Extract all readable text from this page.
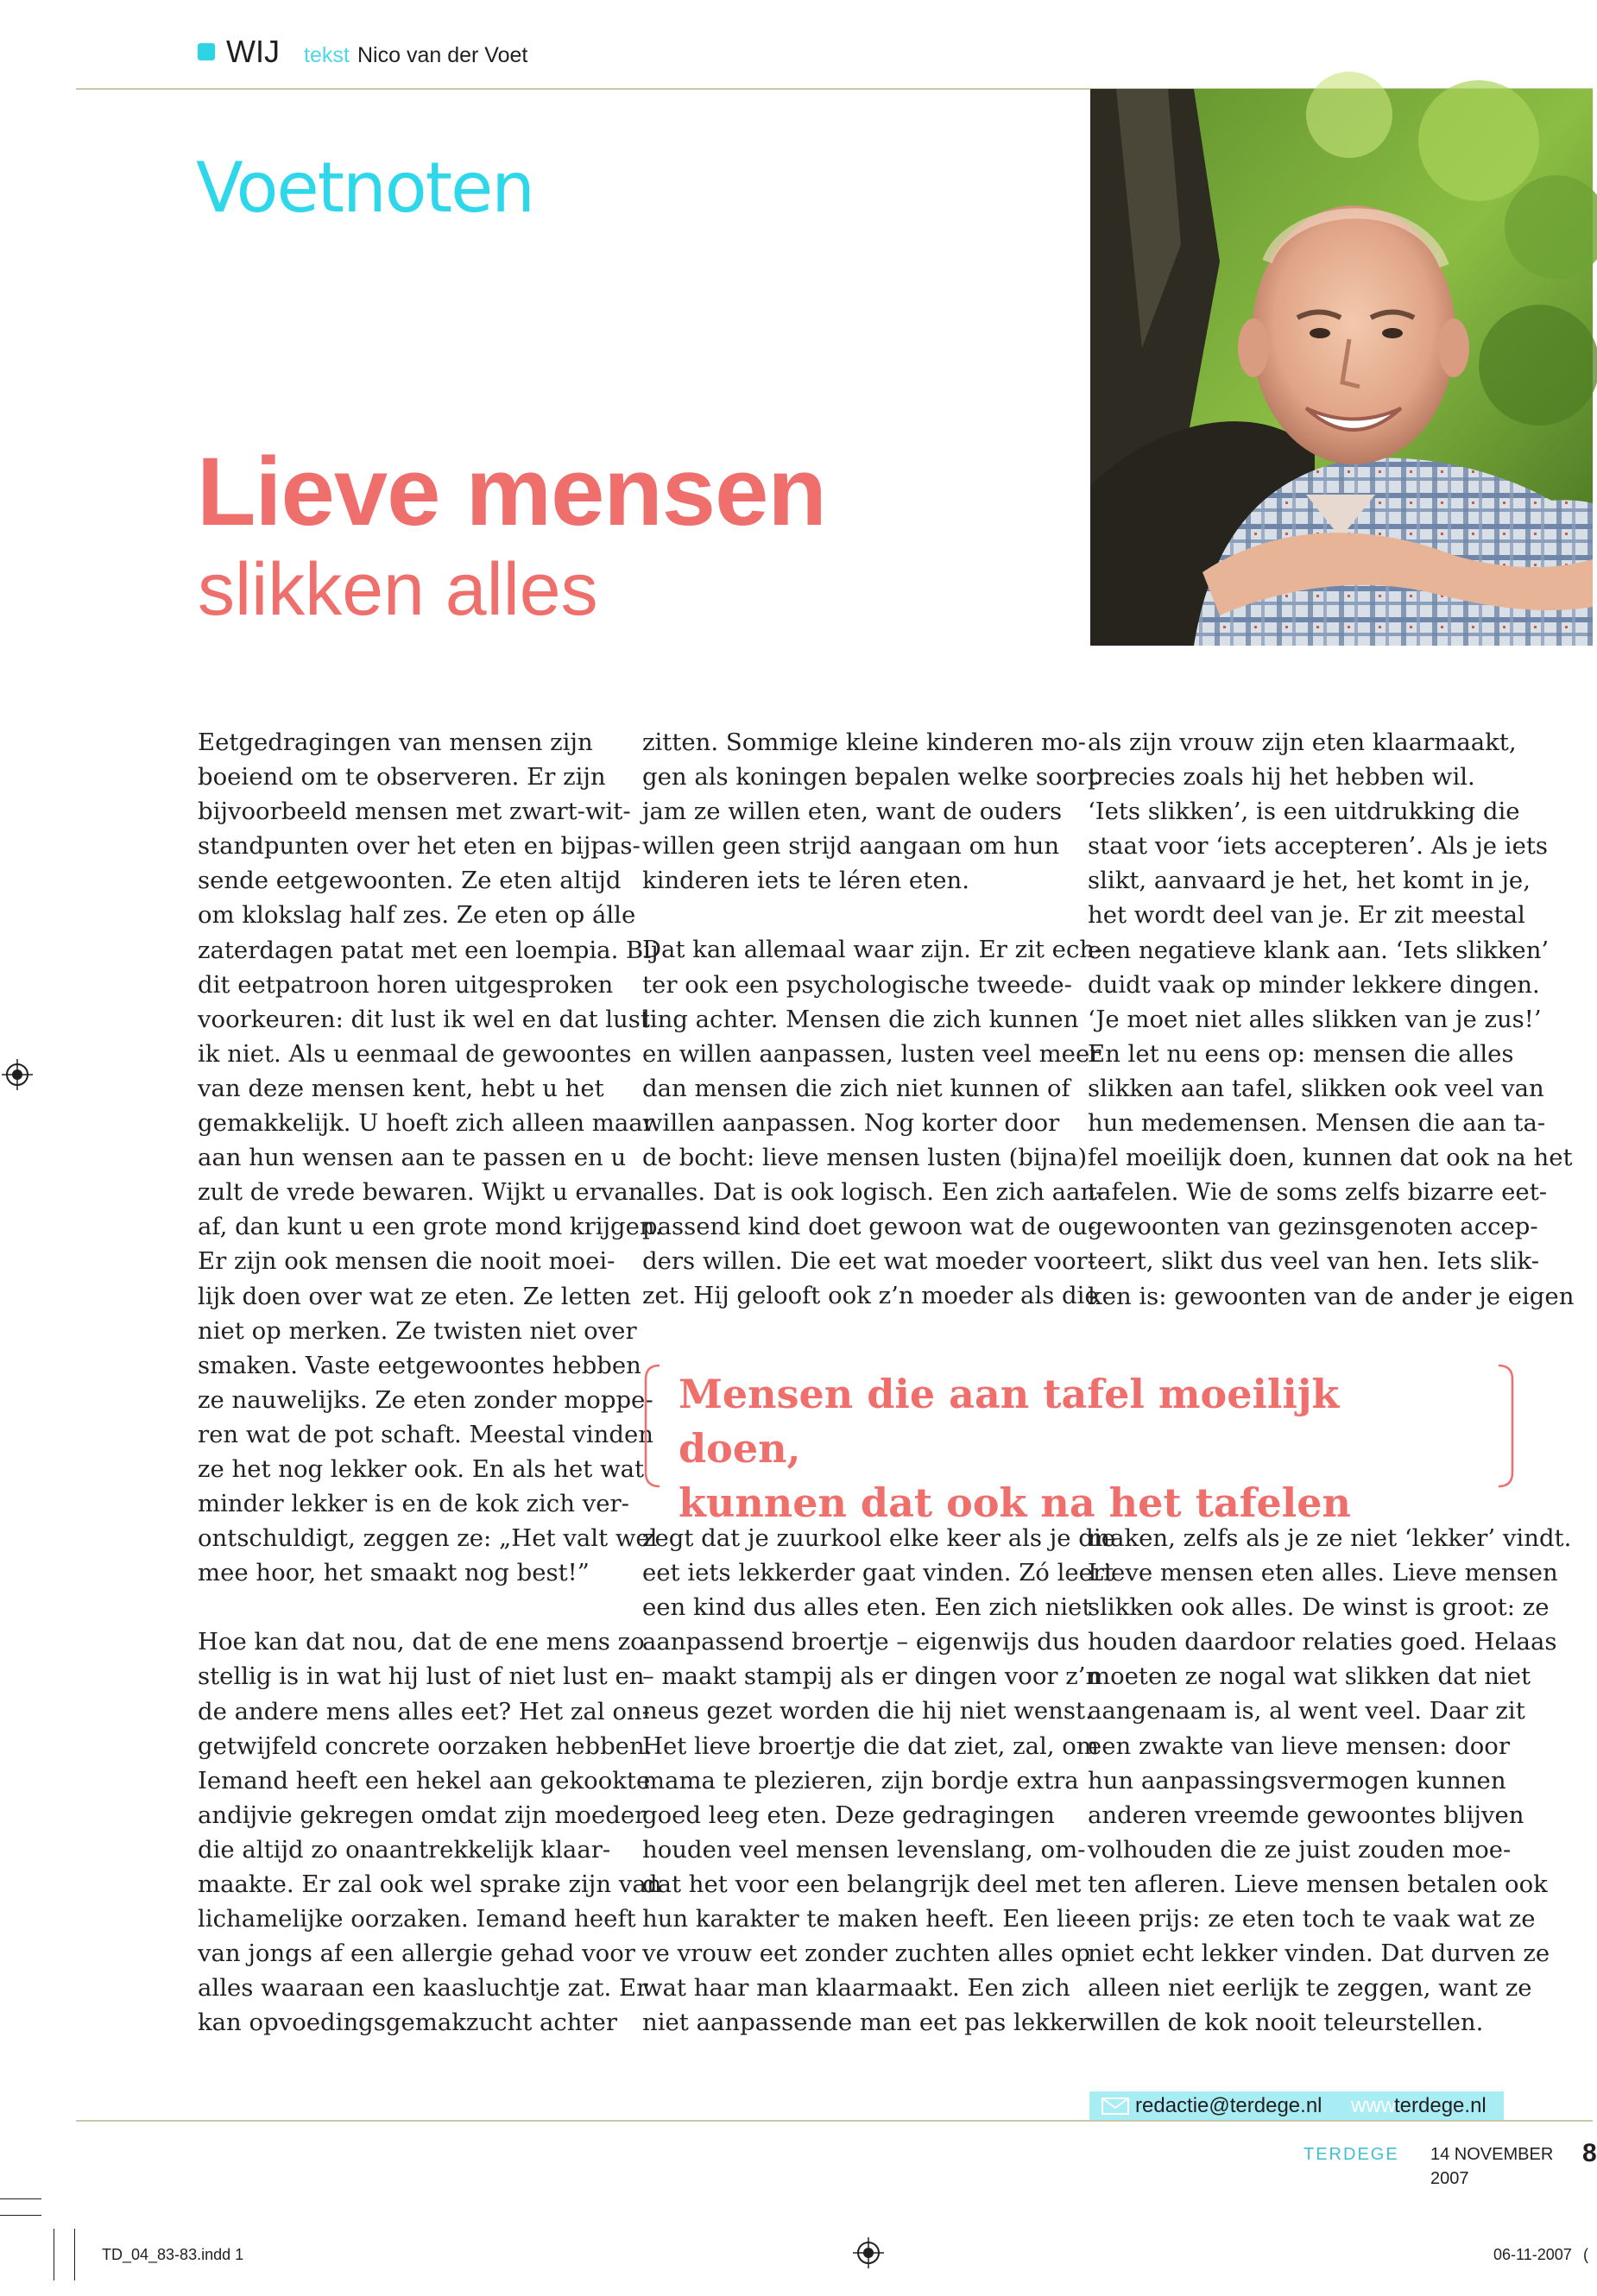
WIJ tekst Nico van der Voet
Voetnoten
Lieve mensen
slikken alles
Eetgedragingen van mensen zijn
boeiend om te observeren. Er zijn
bijvoorbeeld mensen met zwart-wit-
standpunten over het eten en bijpas-
sende eetgewoonten. Ze eten altijd
om klokslag half zes. Ze eten op álle
zaterdagen patat met een loempia. Bij
dit eetpatroon horen uitgesproken
voorkeuren: dit lust ik wel en dat lust
ik niet. Als u eenmaal de gewoontes
van deze mensen kent, hebt u het
gemakkelijk. U hoeft zich alleen maar
aan hun wensen aan te passen en u
zult de vrede bewaren. Wijkt u ervan
af, dan kunt u een grote mond krijgen.
Er zijn ook mensen die nooit moei-
lijk doen over wat ze eten. Ze letten
niet op merken. Ze twisten niet over
smaken. Vaste eetgewoontes hebben
ze nauwelijks. Ze eten zonder moppe-
ren wat de pot schaft. Meestal vinden
ze het nog lekker ook. En als het wat
minder lekker is en de kok zich ver-
ontschuldigt, zeggen ze: „Het valt wel
mee hoor, het smaakt nog best!”
Hoe kan dat nou, dat de ene mens zo
stellig is in wat hij lust of niet lust en
de andere mens alles eet? Het zal on-
getwijfeld concrete oorzaken hebben.
Iemand heeft een hekel aan gekookte
andijvie gekregen omdat zijn moeder
die altijd zo onaantrekkelijk klaar-
maakte. Er zal ook wel sprake zijn van
lichamelijke oorzaken. Iemand heeft
van jongs af een allergie gehad voor
alles waaraan een kaasluchtje zat. Er
kan opvoedingsgemakzucht achter
zitten. Sommige kleine kinderen mo-
gen als koningen bepalen welke soort
jam ze willen eten, want de ouders
willen geen strijd aangaan om hun
kinderen iets te léren eten.
Dat kan allemaal waar zijn. Er zit ech-
ter ook een psychologische tweede-
ling achter. Mensen die zich kunnen
en willen aanpassen, lusten veel meer
dan mensen die zich niet kunnen of
willen aanpassen. Nog korter door
de bocht: lieve mensen lusten (bijna)
alles. Dat is ook logisch. Een zich aan-
passend kind doet gewoon wat de ou-
ders willen. Die eet wat moeder voor-
zet. Hij gelooft ook z’n moeder als die
als zijn vrouw zijn eten klaarmaakt,
precies zoals hij het hebben wil.
‘Iets slikken’, is een uitdrukking die
staat voor ‘iets accepteren’. Als je iets
slikt, aanvaard je het, het komt in je,
het wordt deel van je. Er zit meestal
een negatieve klank aan. ‘Iets slikken’
duidt vaak op minder lekkere dingen.
‘Je moet niet alles slikken van je zus!’
En let nu eens op: mensen die alles
slikken aan tafel, slikken ook veel van
hun medemensen. Mensen die aan ta-
fel moeilijk doen, kunnen dat ook na het
tafelen. Wie de soms zelfs bizarre eet-
gewoonten van gezinsgenoten accep-
teert, slikt dus veel van hen. Iets slik-
ken is: gewoonten van de ander je eigen
Mensen die aan tafel moeilijk doen,
kunnen dat ook na het tafelen
zegt dat je zuurkool elke keer als je die
eet iets lekkerder gaat vinden. Zó leert
een kind dus alles eten. Een zich niet
aanpassend broertje – eigenwijs dus
– maakt stampij als er dingen voor z’n
neus gezet worden die hij niet wenst.
Het lieve broertje die dat ziet, zal, om
mama te plezieren, zijn bordje extra
goed leeg eten. Deze gedragingen
houden veel mensen levenslang, om-
dat het voor een belangrijk deel met
hun karakter te maken heeft. Een lie-
ve vrouw eet zonder zuchten alles op
wat haar man klaarmaakt. Een zich
niet aanpassende man eet pas lekker
maken, zelfs als je ze niet ‘lekker’ vindt.
Lieve mensen eten alles. Lieve mensen
slikken ook alles. De winst is groot: ze
houden daardoor relaties goed. Helaas
moeten ze nogal wat slikken dat niet
aangenaam is, al went veel. Daar zit
een zwakte van lieve mensen: door
hun aanpassingsvermogen kunnen
anderen vreemde gewoontes blijven
volhouden die ze juist zouden moe-
ten afleren. Lieve mensen betalen ook
een prijs: ze eten toch te vaak wat ze
niet echt lekker vinden. Dat durven ze
alleen niet eerlijk te zeggen, want ze
willen de kok nooit teleurstellen.
redactie@terdege.nl www.
terdege.nl
TERDEGE 14 NOVEMBER 2007
8
TD_04_83-83.indd 1	06-11-2007 (
